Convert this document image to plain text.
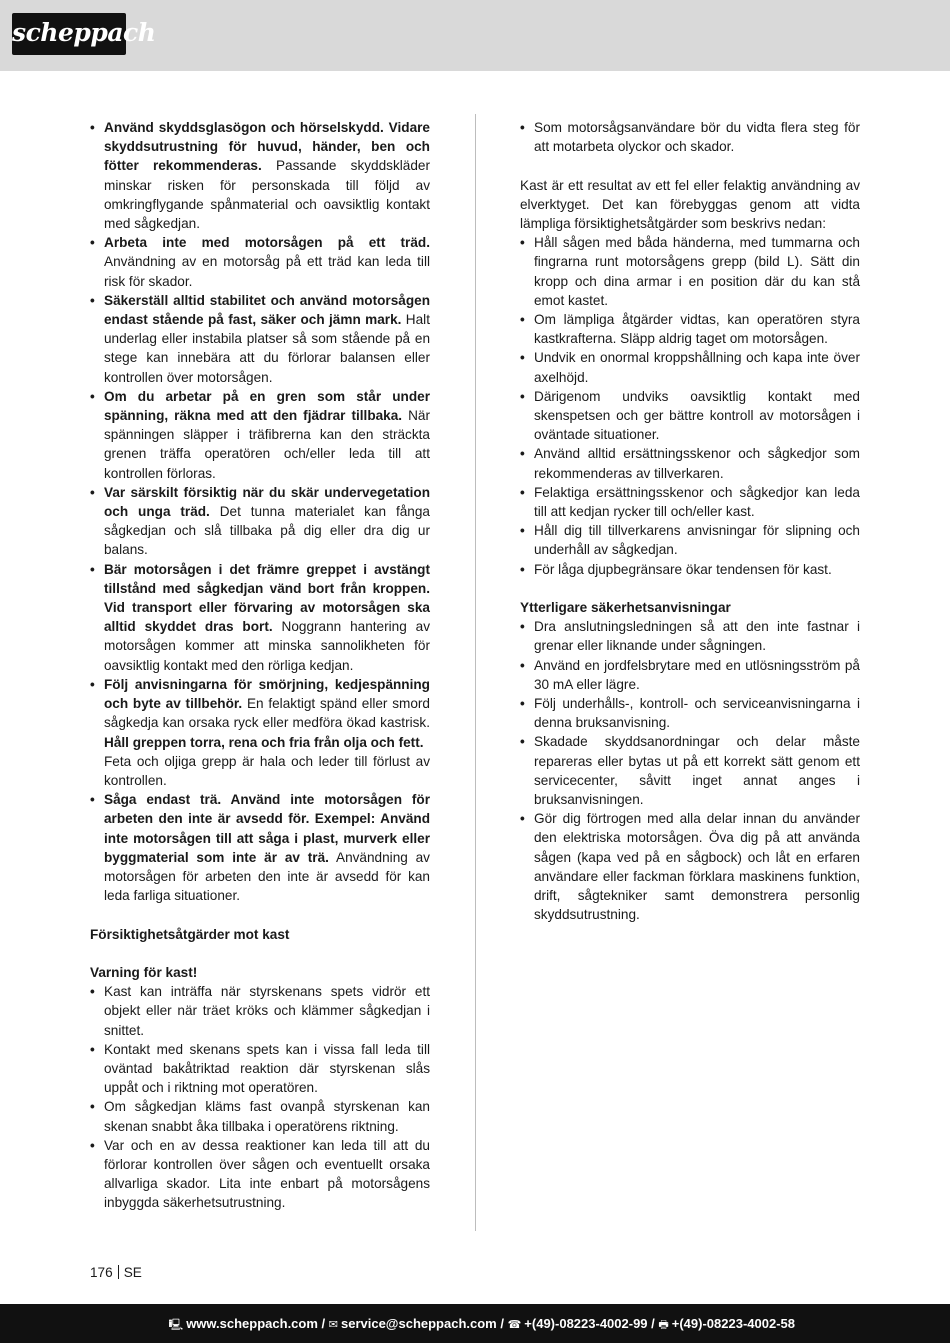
scheppach
• Använd skyddsglasögon och hörselskydd. Vidare skyddsutrustning för huvud, händer, ben och fötter rekommenderas. Passande skyddskläder minskar risken för personskada till följd av omkringflygande spånmaterial och oavsiktlig kontakt med sågkedjan.
• Arbeta inte med motorsågen på ett träd. Användning av en motorsåg på ett träd kan leda till risk för skador.
• Säkerställ alltid stabilitet och använd motorsågen endast stående på fast, säker och jämn mark. Halt underlag eller instabila platser så som stående på en stege kan innebära att du förlorar balansen eller kontrollen över motorsågen.
• Om du arbetar på en gren som står under spänning, räkna med att den fjädrar tillbaka. När spänningen släpper i träfibrerna kan den sträckta grenen träffa operatören och/eller leda till att kontrollen förloras.
• Var särskilt försiktig när du skär undervegetation och unga träd. Det tunna materialet kan fånga sågkedjan och slå tillbaka på dig eller dra dig ur balans.
• Bär motorsågen i det främre greppet i avstängt tillstånd med sågkedjan vänd bort från kroppen. Vid transport eller förvaring av motorsågen ska alltid skyddet dras bort. Noggrann hantering av motorsågen kommer att minska sannolikheten för oavsiktlig kontakt med den rörliga kedjan.
• Följ anvisningarna för smörjning, kedjespänning och byte av tillbehör. En felaktigt spänd eller smord sågkedja kan orsaka ryck eller medföra ökad kastrisk. Håll greppen torra, rena och fria från olja och fett.

Feta och oljiga grepp är hala och leder till förlust av kontrollen.

• Såga endast trä. Använd inte motorsågen för arbeten den inte är avsedd för. Exempel: Använd inte motorsågen till att såga i plast, murverk eller byggmaterial som inte är av trä. Användning av motorsågen för arbeten den inte är avsedd för kan leda farliga situationer.

Försiktighetsåtgärder mot kast

Varning för kast!

• Kast kan inträffa när styrskenans spets vidrör ett objekt eller när träet kröks och klämmer sågkedjan i snittet.
• Kontakt med skenans spets kan i vissa fall leda till oväntad bakåtriktad reaktion där styrskenan slås uppåt och i riktning mot operatören.
• Om sågkedjan kläms fast ovanpå styrskenan kan skenan snabbt åka tillbaka i operatörens riktning.
• Var och en av dessa reaktioner kan leda till att du förlorar kontrollen över sågen och eventuellt orsaka allvarliga skador. Lita inte enbart på motorsågens inbyggda säkerhetsutrustning.
• Som motorsågsanvändare bör du vidta flera steg för att motarbeta olyckor och skador.

Kast är ett resultat av ett fel eller felaktig användning av elverktyget. Det kan förebyggas genom att vidta lämpliga försiktighetsåtgärder som beskrivs nedan:

• Håll sågen med båda händerna, med tummarna och fingrarna runt motorsågens grepp (bild L). Sätt din kropp och dina armar i en position där du kan stå emot kastet.
• Om lämpliga åtgärder vidtas, kan operatören styra kastkrafterna. Släpp aldrig taget om motorsågen.
• Undvik en onormal kroppshållning och kapa inte över axelhöjd.
• Därigenom undviks oavsiktlig kontakt med skenspetsen och ger bättre kontroll av motorsågen i oväntade situationer.
• Använd alltid ersättningsskenor och sågkedjor som rekommenderas av tillverkaren.
• Felaktiga ersättningsskenor och sågkedjor kan leda till att kedjan rycker till och/eller kast.
• Håll dig till tillverkarens anvisningar för slipning och underhåll av sågkedjan.
• För låga djupbegränsare ökar tendensen för kast.

Ytterligare säkerhetsanvisningar

• Dra anslutningsledningen så att den inte fastnar i grenar eller liknande under sågningen.
• Använd en jordfelsbrytare med en utlösningsström på 30 mA eller lägre.
• Följ underhålls-, kontroll- och serviceanvisningarna i denna bruksanvisning.
• Skadade skyddsanordningar och delar måste repareras eller bytas ut på ett korrekt sätt genom ett servicecenter, såvitt inget annat anges i bruksanvisningen.
• Gör dig förtrogen med alla delar innan du använder den elektriska motorsågen. Öva dig på att använda sågen (kapa ved på en sågbock) och låt en erfaren användare eller fackman förklara maskinens funktion, drift, sågtekniker samt demonstrera personlig skyddsutrustning.
176 SE
🖳 www.scheppach.com / ✉ service@scheppach.com / ☎ +(49)-08223-4002-99 / 🖶 +(49)-08223-4002-58
